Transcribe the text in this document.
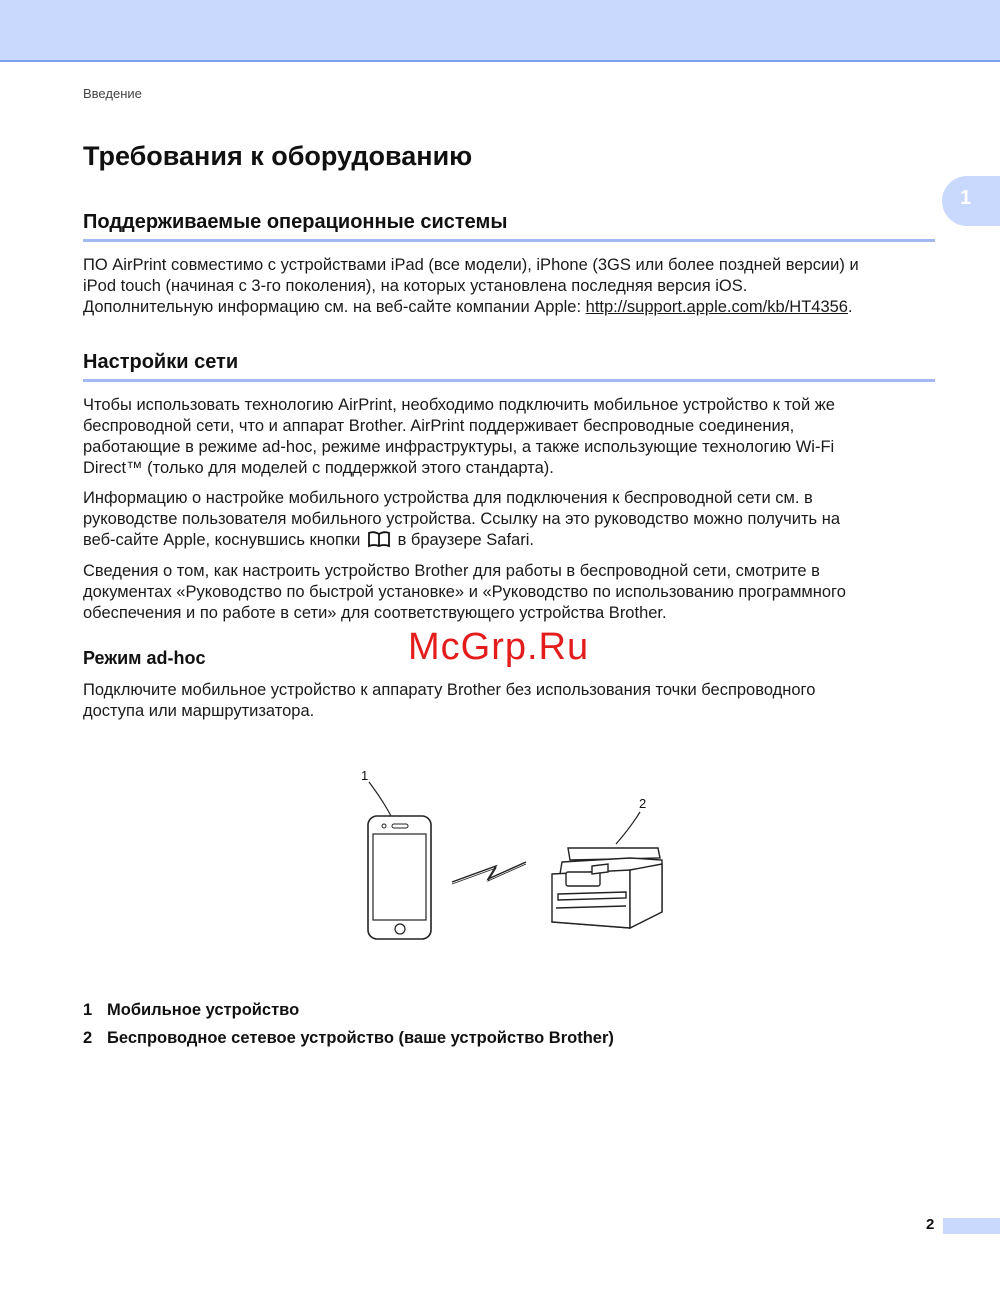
Введение
1
Требования к оборудованию
Поддерживаемые операционные системы
ПО AirPrint совместимо с устройствами iPad (все модели), iPhone (3GS или более поздней версии) и
iPod touch (начиная с 3-го поколения), на которых установлена последняя версия iOS.
Дополнительную информацию см. на веб-сайте компании Apple: http://support.apple.com/kb/HT4356.
Настройки сети
Чтобы использовать технологию AirPrint, необходимо подключить мобильное устройство к той же
беспроводной сети, что и аппарат Brother. AirPrint поддерживает беспроводные соединения,
работающие в режиме ad-hoc, режиме инфраструктуры, а также использующие технологию Wi-Fi
Direct™ (только для моделей с поддержкой этого стандарта).
Информацию о настройке мобильного устройства для подключения к беспроводной сети см. в
руководстве пользователя мобильного устройства. Ссылку на это руководство можно получить на
веб-сайте Apple, коснувшись кнопки в браузере Safari.
Сведения о том, как настроить устройство Brother для работы в беспроводной сети, смотрите в
документах «Руководство по быстрой установке» и «Руководство по использованию программного
обеспечения и по работе в сети» для соответствующего устройства Brother.
McGrp.Ru
Режим ad-hoc
Подключите мобильное устройство к аппарату Brother без использования точки беспроводного
доступа или маршрутизатора.
1
2
1 Мобильное устройство
2 Беспроводное сетевое устройство (ваше устройство Brother)
2
